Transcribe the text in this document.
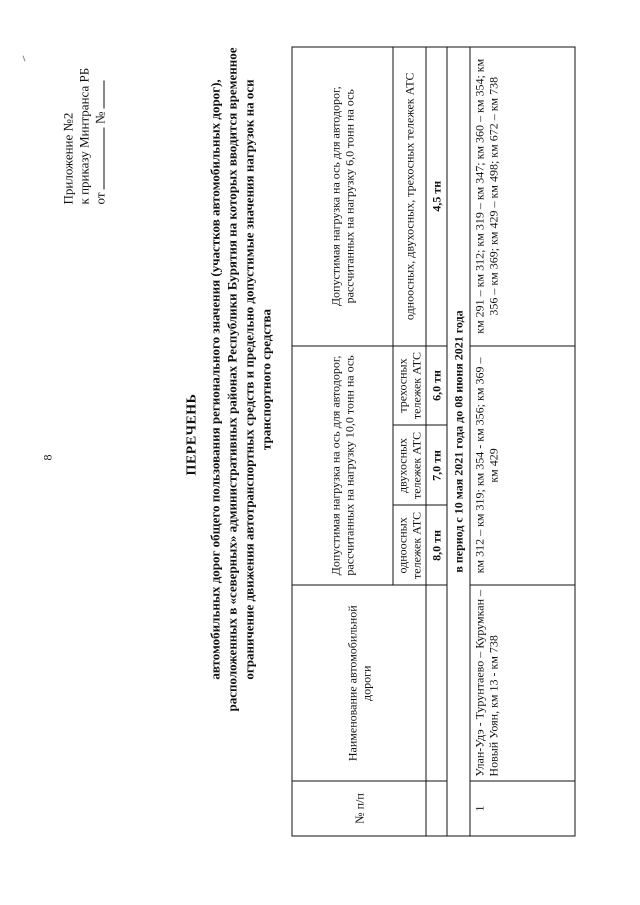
8
Приложение №2 к приказу Минтранса РБ от  №
ПЕРЕЧЕНЬ автомобильных дорог общего пользования регионального значения (участков автомобильных дорог), расположенных в «северных» административных районах Республики Бурятия на которых вводится временное ограничение движения автотранспортных средств и предельно допустимые значения нагрузок на оси транспортного средства
№ п/п	Наименование автомобильной дороги	Допустимая нагрузка на ось для автодорог, рассчитанных на нагрузку 10,0 тонн на ось			Допустимая нагрузка на ось для автодорог, рассчитанных на нагрузку 6,0 тонн на ось
		одноосных тележек АТС	двухосных тележек АТС	трехосных тележек АТС	одноосных, двухосных, трехосных тележек АТС
		8,0 тн	7,0 тн	6,0 тн	4,5 тн
в период с 10 мая 2021 года до 08 июня 2021 года					
1	Улан-Удэ - Турунтаево – Курумкан – Новый Уоян, км 13 - км 738	км 312 – км 319; км 354 - км 356; км 369 – км 429			км 291 – км 312; км 319 – км 347; км 360 – км 354; км 356 – км 369; км 429 – км 498; км 672 – км 738
